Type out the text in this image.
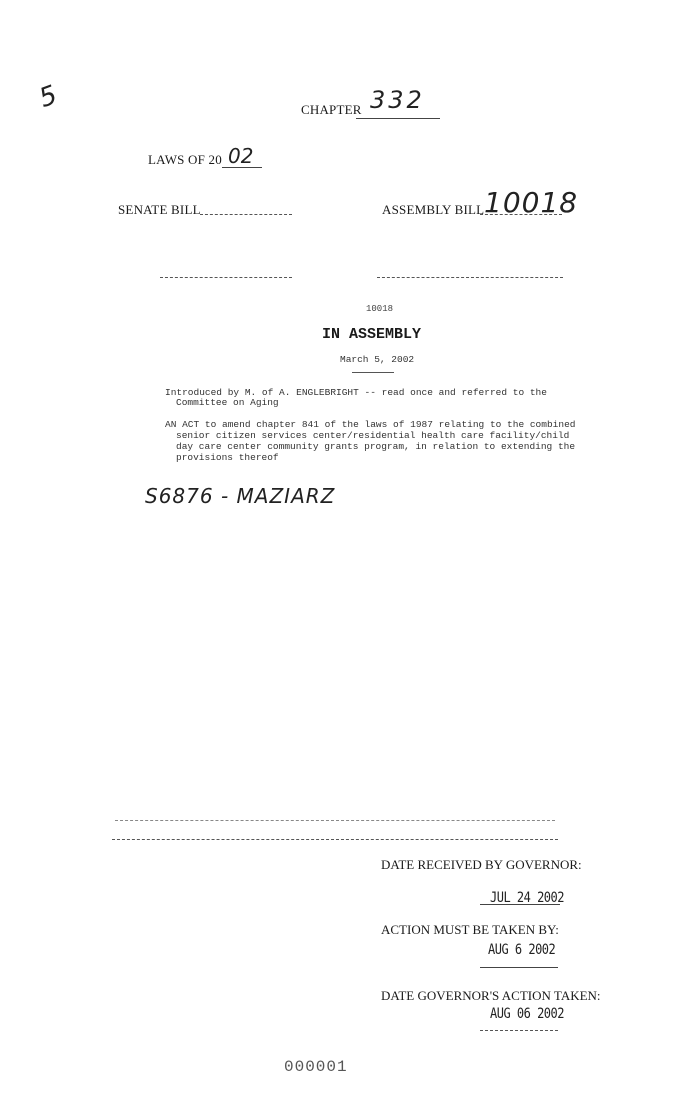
5	CHAPTER 332
LAWS OF 20 02
SENATE BILL	ASSEMBLY BILL 10018
10018
IN ASSEMBLY
March 5, 2002
Introduced by M. of A. ENGLEBRIGHT -- read once and referred to the
Committee on Aging
AN ACT to amend chapter 841 of the laws of 1987 relating to the combined
senior citizen services center/residential health care facility/child
day care center community grants program, in relation to extending the
provisions thereof
S6876 - MAZIARZ
DATE RECEIVED BY GOVERNOR:
JUL 24 2002
ACTION MUST BE TAKEN BY:
AUG 6 2002
DATE GOVERNOR'S ACTION TAKEN:
AUG 06 2002
000001
